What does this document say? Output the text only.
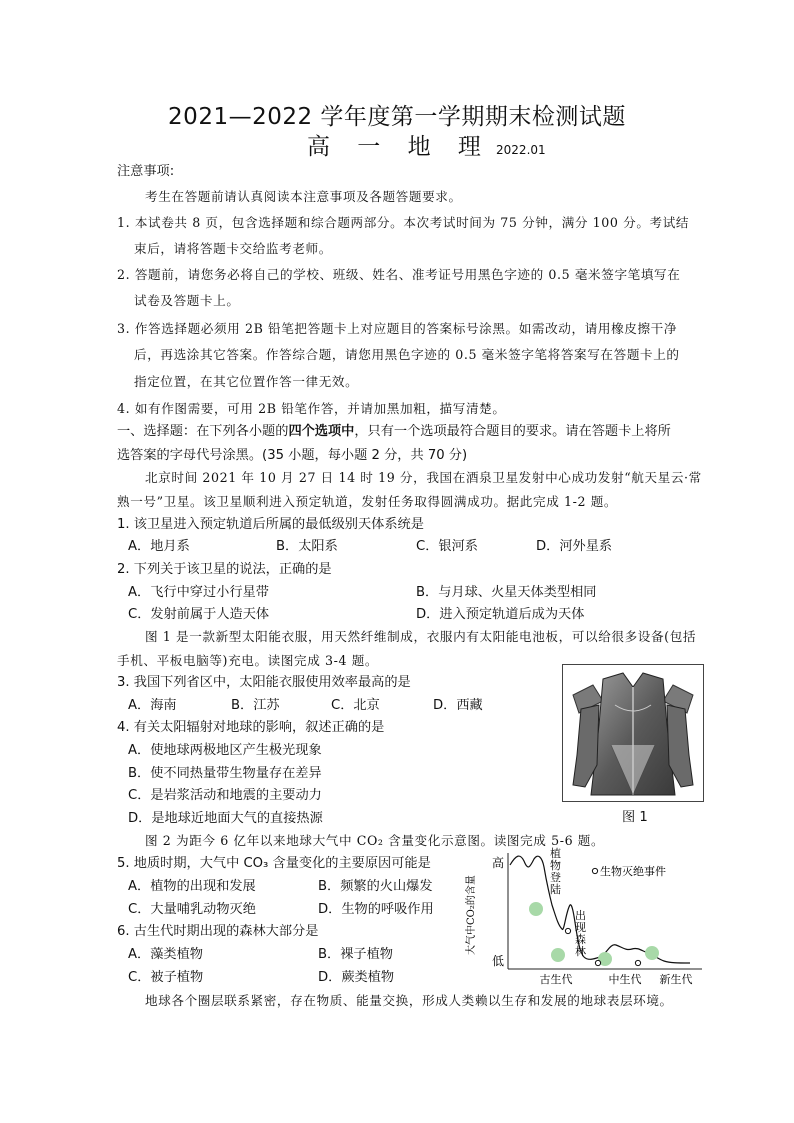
2021—2022 学年度第一学期期末检测试题
高 一 地 理 2022.01
注意事项:
考生在答题前请认真阅读本注意事项及各题答题要求。
1. 本试卷共 8 页，包含选择题和综合题两部分。本次考试时间为 75 分钟，满分 100 分。考试结
束后，请将答题卡交给监考老师。
2. 答题前，请您务必将自己的学校、班级、姓名、准考证号用黑色字迹的 0.5 毫米签字笔填写在
试卷及答题卡上。
3. 作答选择题必须用 2B 铅笔把答题卡上对应题目的答案标号涂黑。如需改动，请用橡皮擦干净
后，再选涂其它答案。作答综合题，请您用黑色字迹的 0.5 毫米签字笔将答案写在答题卡上的
指定位置，在其它位置作答一律无效。
4. 如有作图需要，可用 2B 铅笔作答，并请加黑加粗，描写清楚。
一、选择题：在下列各小题的四个选项中，只有一个选项最符合题目的要求。请在答题卡上将所
选答案的字母代号涂黑。(35 小题，每小题 2 分，共 70 分)
北京时间 2021 年 10 月 27 日 14 时 19 分，我国在酒泉卫星发射中心成功发射“航天星云·常
熟一号”卫星。该卫星顺利进入预定轨道，发射任务取得圆满成功。据此完成 1-2 题。
1. 该卫星进入预定轨道后所属的最低级别天体系统是
A．地月系	B．太阳系	C．银河系	D．河外星系
2. 下列关于该卫星的说法，正确的是
A．飞行中穿过小行星带	B．与月球、火星天体类型相同
C．发射前属于人造天体	D．进入预定轨道后成为天体
图 1 是一款新型太阳能衣服，用天然纤维制成，衣服内有太阳能电池板，可以给很多设备(包括
手机、平板电脑等)充电。读图完成 3-4 题。
3. 我国下列省区中，太阳能衣服使用效率最高的是
A．海南	B．江苏	C．北京	D．西藏
4. 有关太阳辐射对地球的影响，叙述正确的是
A．使地球两极地区产生极光现象
B．使不同热量带生物量存在差异
C．是岩浆活动和地震的主要动力
D．是地球近地面大气的直接热源	图 1
图 2 为距今 6 亿年以来地球大气中 CO₂ 含量变化示意图。读图完成 5-6 题。
5. 地质时期，大气中 CO₃ 含量变化的主要原因可能是
A．植物的出现和发展	B．频繁的火山爆发
C．大量哺乳动物灭绝	D．生物的呼吸作用
6. 古生代时期出现的森林大部分是
A．藻类植物	B．裸子植物
C．被子植物	D．蕨类植物
高
低
大气中CO₂的含量
植
物
登
陆
出
现
森
林
生物灭绝事件
古生代	中生代 新生代
地球各个圈层联系紧密，存在物质、能量交换，形成人类赖以生存和发展的地球表层环境。
